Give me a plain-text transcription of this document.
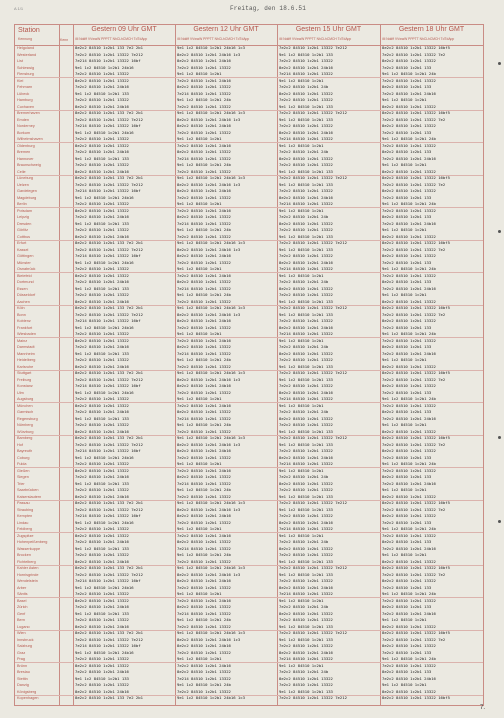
A 1/1	Freitag, den 18.6.51
Station
Kennung	Kenn
Gestern 09 Uhr GMT
iIIi Nddff VVwwW PPPTT NhCLhCMCH TdTdApp
Gestern 12 Uhr GMT
iIIi Nddff VVwwW PPPTT NhCLhCMCH TdTdApp
Gestern 15 Uhr GMT
iIIi Nddff VVwwW PPPTT NhCLhCMCH TdTdApp
Gestern 18 Uhr GMT
iIIi Nddff VVwwW PPPTT NhCLhCMCH TdTdApp
Helgoland	8e2c2 84510 1c2b1 133 7e2 2b1	9e1 1c2 84510 1c2b1 24b16 1c3	7e2c2 84510 1c2b1 13322 7e212	8e2c2 84510 1c2b1 13322 16bf5
Westerland	7e2c2 84510 1c2b1 13322 7e212	8e2c2 84510 1c2b1 24b16 1c3	9e1 1c2 84510 1c2b1 133	7e2c2 84510 1c2b1 13322 7e2
List	7e214 84510 1c2b1 13322 16bf	8e2c2 84510 1c2b1 24b16	7e2c2 84510 1c2b1 13322	8e2c2 84510 1c2b1 13322
Schleswig	9e1 1c2 84510 1c2b1 24b16	7e2c2 84510 1c2b1 13322	8e2c2 84510 1c2b1 24b16	7e2c2 84510 1c2b1 133
Flensburg	7e2c2 84510 1c2b1 13322	9e1 1c2 84510 1c2b1	7e214 84510 1c2b1 13322	9e1 1c2 84510 1c2b1 24b
Kiel	8e2c2 84510 1c2b1 13322	7e2c2 84510 1c2b1 24b16	9e1 1c2 84510 1c2b1	7e2c2 84510 1c2b1 13322
Fehmarn	7e2c2 84510 1c2b1 24b16	8e2c2 84510 1c2b1 13322	7e2c2 84510 1c2b1 24b	8e2c2 84510 1c2b1 133
Lübeck	9e1 1c2 84510 1c2b1 133	7e214 84510 1c2b1 13322	8e2c2 84510 1c2b1 13322	7e2c2 84510 1c2b1 24b16
Hamburg	7e2c2 84510 1c2b1 13322	9e1 1c2 84510 1c2b1 24b	7e2c2 84510 1c2b1 13322	9e1 1c2 84510 1c2b1
Cuxhaven	8e2c2 84510 1c2b1 24b16	7e2c2 84510 1c2b1 13322	9e1 1c2 84510 1c2b1 133	8e2c2 84510 1c2b1 13322
Bremerhaven	8e2c2 84510 1c2b1 133 7e2 2b1	9e1 1c2 84510 1c2b1 24b16 1c3	7e2c2 84510 1c2b1 13322 7e212	8e2c2 84510 1c2b1 13322 16bf5
Emden	7e2c2 84510 1c2b1 13322 7e212	8e2c2 84510 1c2b1 24b16 1c3	9e1 1c2 84510 1c2b1 133	7e2c2 84510 1c2b1 13322 7e2
Norderney	7e214 84510 1c2b1 13322 16bf	8e2c2 84510 1c2b1 24b16	7e2c2 84510 1c2b1 13322	8e2c2 84510 1c2b1 13322
Borkum	9e1 1c2 84510 1c2b1 24b16	7e2c2 84510 1c2b1 13322	8e2c2 84510 1c2b1 24b16	7e2c2 84510 1c2b1 133
Wilhelmshaven	7e2c2 84510 1c2b1 13322	9e1 1c2 84510 1c2b1	7e214 84510 1c2b1 13322	9e1 1c2 84510 1c2b1 24b
Oldenburg	8e2c2 84510 1c2b1 13322	7e2c2 84510 1c2b1 24b16	9e1 1c2 84510 1c2b1	7e2c2 84510 1c2b1 13322
Bremen	7e2c2 84510 1c2b1 24b16	8e2c2 84510 1c2b1 13322	7e2c2 84510 1c2b1 24b	8e2c2 84510 1c2b1 133
Hannover	9e1 1c2 84510 1c2b1 133	7e214 84510 1c2b1 13322	8e2c2 84510 1c2b1 13322	7e2c2 84510 1c2b1 24b16
Braunschweig	7e2c2 84510 1c2b1 13322	9e1 1c2 84510 1c2b1 24b	7e2c2 84510 1c2b1 13322	9e1 1c2 84510 1c2b1
Celle	8e2c2 84510 1c2b1 24b16	7e2c2 84510 1c2b1 13322	9e1 1c2 84510 1c2b1 133	8e2c2 84510 1c2b1 13322
Lüneburg	8e2c2 84510 1c2b1 133 7e2 2b1	9e1 1c2 84510 1c2b1 24b16 1c3	7e2c2 84510 1c2b1 13322 7e212	8e2c2 84510 1c2b1 13322 16bf5
Uelzen	7e2c2 84510 1c2b1 13322 7e212	8e2c2 84510 1c2b1 24b16 1c3	9e1 1c2 84510 1c2b1 133	7e2c2 84510 1c2b1 13322 7e2
Gardelegen	7e214 84510 1c2b1 13322 16bf	8e2c2 84510 1c2b1 24b16	7e2c2 84510 1c2b1 13322	8e2c2 84510 1c2b1 13322
Magdeburg	9e1 1c2 84510 1c2b1 24b16	7e2c2 84510 1c2b1 13322	8e2c2 84510 1c2b1 24b16	7e2c2 84510 1c2b1 133
Berlin	7e2c2 84510 1c2b1 13322	9e1 1c2 84510 1c2b1	7e214 84510 1c2b1 13322	9e1 1c2 84510 1c2b1 24b
Potsdam	8e2c2 84510 1c2b1 13322	7e2c2 84510 1c2b1 24b16	9e1 1c2 84510 1c2b1	7e2c2 84510 1c2b1 13322
Leipzig	7e2c2 84510 1c2b1 24b16	8e2c2 84510 1c2b1 13322	7e2c2 84510 1c2b1 24b	8e2c2 84510 1c2b1 133
Dresden	9e1 1c2 84510 1c2b1 133	7e214 84510 1c2b1 13322	8e2c2 84510 1c2b1 13322	7e2c2 84510 1c2b1 24b16
Görlitz	7e2c2 84510 1c2b1 13322	9e1 1c2 84510 1c2b1 24b	7e2c2 84510 1c2b1 13322	9e1 1c2 84510 1c2b1
Cottbus	8e2c2 84510 1c2b1 24b16	7e2c2 84510 1c2b1 13322	9e1 1c2 84510 1c2b1 133	8e2c2 84510 1c2b1 13322
Erfurt	8e2c2 84510 1c2b1 133 7e2 2b1	9e1 1c2 84510 1c2b1 24b16 1c3	7e2c2 84510 1c2b1 13322 7e212	8e2c2 84510 1c2b1 13322 16bf5
Kassel	7e2c2 84510 1c2b1 13322 7e212	8e2c2 84510 1c2b1 24b16 1c3	9e1 1c2 84510 1c2b1 133	7e2c2 84510 1c2b1 13322 7e2
Göttingen	7e214 84510 1c2b1 13322 16bf	8e2c2 84510 1c2b1 24b16	7e2c2 84510 1c2b1 13322	8e2c2 84510 1c2b1 13322
Münster	9e1 1c2 84510 1c2b1 24b16	7e2c2 84510 1c2b1 13322	8e2c2 84510 1c2b1 24b16	7e2c2 84510 1c2b1 133
Osnabrück	7e2c2 84510 1c2b1 13322	9e1 1c2 84510 1c2b1	7e214 84510 1c2b1 13322	9e1 1c2 84510 1c2b1 24b
Bielefeld	8e2c2 84510 1c2b1 13322	7e2c2 84510 1c2b1 24b16	9e1 1c2 84510 1c2b1	7e2c2 84510 1c2b1 13322
Dortmund	7e2c2 84510 1c2b1 24b16	8e2c2 84510 1c2b1 13322	7e2c2 84510 1c2b1 24b	8e2c2 84510 1c2b1 133
Essen	9e1 1c2 84510 1c2b1 133	7e214 84510 1c2b1 13322	8e2c2 84510 1c2b1 13322	7e2c2 84510 1c2b1 24b16
Düsseldorf	7e2c2 84510 1c2b1 13322	9e1 1c2 84510 1c2b1 24b	7e2c2 84510 1c2b1 13322	9e1 1c2 84510 1c2b1
Aachen	8e2c2 84510 1c2b1 24b16	7e2c2 84510 1c2b1 13322	9e1 1c2 84510 1c2b1 133	8e2c2 84510 1c2b1 13322
Köln	8e2c2 84510 1c2b1 133 7e2 2b1	9e1 1c2 84510 1c2b1 24b16 1c3	7e2c2 84510 1c2b1 13322 7e212	8e2c2 84510 1c2b1 13322 16bf5
Bonn	7e2c2 84510 1c2b1 13322 7e212	8e2c2 84510 1c2b1 24b16 1c3	9e1 1c2 84510 1c2b1 133	7e2c2 84510 1c2b1 13322 7e2
Koblenz	7e214 84510 1c2b1 13322 16bf	8e2c2 84510 1c2b1 24b16	7e2c2 84510 1c2b1 13322	8e2c2 84510 1c2b1 13322
Frankfurt	9e1 1c2 84510 1c2b1 24b16	7e2c2 84510 1c2b1 13322	8e2c2 84510 1c2b1 24b16	7e2c2 84510 1c2b1 133
Wiesbaden	7e2c2 84510 1c2b1 13322	9e1 1c2 84510 1c2b1	7e214 84510 1c2b1 13322	9e1 1c2 84510 1c2b1 24b
Mainz	8e2c2 84510 1c2b1 13322	7e2c2 84510 1c2b1 24b16	9e1 1c2 84510 1c2b1	7e2c2 84510 1c2b1 13322
Darmstadt	7e2c2 84510 1c2b1 24b16	8e2c2 84510 1c2b1 13322	7e2c2 84510 1c2b1 24b	8e2c2 84510 1c2b1 133
Mannheim	9e1 1c2 84510 1c2b1 133	7e214 84510 1c2b1 13322	8e2c2 84510 1c2b1 13322	7e2c2 84510 1c2b1 24b16
Heidelberg	7e2c2 84510 1c2b1 13322	9e1 1c2 84510 1c2b1 24b	7e2c2 84510 1c2b1 13322	9e1 1c2 84510 1c2b1
Karlsruhe	8e2c2 84510 1c2b1 24b16	7e2c2 84510 1c2b1 13322	9e1 1c2 84510 1c2b1 133	8e2c2 84510 1c2b1 13322
Stuttgart	8e2c2 84510 1c2b1 133 7e2 2b1	9e1 1c2 84510 1c2b1 24b16 1c3	7e2c2 84510 1c2b1 13322 7e212	8e2c2 84510 1c2b1 13322 16bf5
Freiburg	7e2c2 84510 1c2b1 13322 7e212	8e2c2 84510 1c2b1 24b16 1c3	9e1 1c2 84510 1c2b1 133	7e2c2 84510 1c2b1 13322 7e2
Konstanz	7e214 84510 1c2b1 13322 16bf	8e2c2 84510 1c2b1 24b16	7e2c2 84510 1c2b1 13322	8e2c2 84510 1c2b1 13322
Ulm	9e1 1c2 84510 1c2b1 24b16	7e2c2 84510 1c2b1 13322	8e2c2 84510 1c2b1 24b16	7e2c2 84510 1c2b1 133
Augsburg	7e2c2 84510 1c2b1 13322	9e1 1c2 84510 1c2b1	7e214 84510 1c2b1 13322	9e1 1c2 84510 1c2b1 24b
München	8e2c2 84510 1c2b1 13322	7e2c2 84510 1c2b1 24b16	9e1 1c2 84510 1c2b1	7e2c2 84510 1c2b1 13322
Garmisch	7e2c2 84510 1c2b1 24b16	8e2c2 84510 1c2b1 13322	7e2c2 84510 1c2b1 24b	8e2c2 84510 1c2b1 133
Regensburg	9e1 1c2 84510 1c2b1 133	7e214 84510 1c2b1 13322	8e2c2 84510 1c2b1 13322	7e2c2 84510 1c2b1 24b16
Nürnberg	7e2c2 84510 1c2b1 13322	9e1 1c2 84510 1c2b1 24b	7e2c2 84510 1c2b1 13322	9e1 1c2 84510 1c2b1
Würzburg	8e2c2 84510 1c2b1 24b16	7e2c2 84510 1c2b1 13322	9e1 1c2 84510 1c2b1 133	8e2c2 84510 1c2b1 13322
Bamberg	8e2c2 84510 1c2b1 133 7e2 2b1	9e1 1c2 84510 1c2b1 24b16 1c3	7e2c2 84510 1c2b1 13322 7e212	8e2c2 84510 1c2b1 13322 16bf5
Hof	7e2c2 84510 1c2b1 13322 7e212	8e2c2 84510 1c2b1 24b16 1c3	9e1 1c2 84510 1c2b1 133	7e2c2 84510 1c2b1 13322 7e2
Bayreuth	7e214 84510 1c2b1 13322 16bf	8e2c2 84510 1c2b1 24b16	7e2c2 84510 1c2b1 13322	8e2c2 84510 1c2b1 13322
Coburg	9e1 1c2 84510 1c2b1 24b16	7e2c2 84510 1c2b1 13322	8e2c2 84510 1c2b1 24b16	7e2c2 84510 1c2b1 133
Fulda	7e2c2 84510 1c2b1 13322	9e1 1c2 84510 1c2b1	7e214 84510 1c2b1 13322	9e1 1c2 84510 1c2b1 24b
Gießen	8e2c2 84510 1c2b1 13322	7e2c2 84510 1c2b1 24b16	9e1 1c2 84510 1c2b1	7e2c2 84510 1c2b1 13322
Siegen	7e2c2 84510 1c2b1 24b16	8e2c2 84510 1c2b1 13322	7e2c2 84510 1c2b1 24b	8e2c2 84510 1c2b1 133
Trier	9e1 1c2 84510 1c2b1 133	7e214 84510 1c2b1 13322	8e2c2 84510 1c2b1 13322	7e2c2 84510 1c2b1 24b16
Saarbrücken	7e2c2 84510 1c2b1 13322	9e1 1c2 84510 1c2b1 24b	7e2c2 84510 1c2b1 13322	9e1 1c2 84510 1c2b1
Kaiserslautern	8e2c2 84510 1c2b1 24b16	7e2c2 84510 1c2b1 13322	9e1 1c2 84510 1c2b1 133	8e2c2 84510 1c2b1 13322
Passau	8e2c2 84510 1c2b1 133 7e2 2b1	9e1 1c2 84510 1c2b1 24b16 1c3	7e2c2 84510 1c2b1 13322 7e212	8e2c2 84510 1c2b1 13322 16bf5
Straubing	7e2c2 84510 1c2b1 13322 7e212	8e2c2 84510 1c2b1 24b16 1c3	9e1 1c2 84510 1c2b1 133	7e2c2 84510 1c2b1 13322 7e2
Kempten	7e214 84510 1c2b1 13322 16bf	8e2c2 84510 1c2b1 24b16	7e2c2 84510 1c2b1 13322	8e2c2 84510 1c2b1 13322
Lindau	9e1 1c2 84510 1c2b1 24b16	7e2c2 84510 1c2b1 13322	8e2c2 84510 1c2b1 24b16	7e2c2 84510 1c2b1 133
Feldberg	7e2c2 84510 1c2b1 13322	9e1 1c2 84510 1c2b1	7e214 84510 1c2b1 13322	9e1 1c2 84510 1c2b1 24b
Zugspitze	8e2c2 84510 1c2b1 13322	7e2c2 84510 1c2b1 24b16	9e1 1c2 84510 1c2b1	7e2c2 84510 1c2b1 13322
Hohenpeißenberg	7e2c2 84510 1c2b1 24b16	8e2c2 84510 1c2b1 13322	7e2c2 84510 1c2b1 24b	8e2c2 84510 1c2b1 133
Wasserkuppe	9e1 1c2 84510 1c2b1 133	7e214 84510 1c2b1 13322	8e2c2 84510 1c2b1 13322	7e2c2 84510 1c2b1 24b16
Brocken	7e2c2 84510 1c2b1 13322	9e1 1c2 84510 1c2b1 24b	7e2c2 84510 1c2b1 13322	9e1 1c2 84510 1c2b1
Fichtelberg	8e2c2 84510 1c2b1 24b16	7e2c2 84510 1c2b1 13322	9e1 1c2 84510 1c2b1 133	8e2c2 84510 1c2b1 13322
Kahler Asten	8e2c2 84510 1c2b1 133 7e2 2b1	9e1 1c2 84510 1c2b1 24b16 1c3	7e2c2 84510 1c2b1 13322 7e212	8e2c2 84510 1c2b1 13322 16bf5
Hornisgrinde	7e2c2 84510 1c2b1 13322 7e212	8e2c2 84510 1c2b1 24b16 1c3	9e1 1c2 84510 1c2b1 133	7e2c2 84510 1c2b1 13322 7e2
Wendelstein	7e214 84510 1c2b1 13322 16bf	8e2c2 84510 1c2b1 24b16	7e2c2 84510 1c2b1 13322	8e2c2 84510 1c2b1 13322
Arber	9e1 1c2 84510 1c2b1 24b16	7e2c2 84510 1c2b1 13322	8e2c2 84510 1c2b1 24b16	7e2c2 84510 1c2b1 133
Säntis	7e2c2 84510 1c2b1 13322	9e1 1c2 84510 1c2b1	7e214 84510 1c2b1 13322	9e1 1c2 84510 1c2b1 24b
Basel	8e2c2 84510 1c2b1 13322	7e2c2 84510 1c2b1 24b16	9e1 1c2 84510 1c2b1	7e2c2 84510 1c2b1 13322
Zürich	7e2c2 84510 1c2b1 24b16	8e2c2 84510 1c2b1 13322	7e2c2 84510 1c2b1 24b	8e2c2 84510 1c2b1 133
Genf	9e1 1c2 84510 1c2b1 133	7e214 84510 1c2b1 13322	8e2c2 84510 1c2b1 13322	7e2c2 84510 1c2b1 24b16
Bern	7e2c2 84510 1c2b1 13322	9e1 1c2 84510 1c2b1 24b	7e2c2 84510 1c2b1 13322	9e1 1c2 84510 1c2b1
Lugano	8e2c2 84510 1c2b1 24b16	7e2c2 84510 1c2b1 13322	9e1 1c2 84510 1c2b1 133	8e2c2 84510 1c2b1 13322
Wien	8e2c2 84510 1c2b1 133 7e2 2b1	9e1 1c2 84510 1c2b1 24b16 1c3	7e2c2 84510 1c2b1 13322 7e212	8e2c2 84510 1c2b1 13322 16bf5
Innsbruck	7e2c2 84510 1c2b1 13322 7e212	8e2c2 84510 1c2b1 24b16 1c3	9e1 1c2 84510 1c2b1 133	7e2c2 84510 1c2b1 13322 7e2
Salzburg	7e214 84510 1c2b1 13322 16bf	8e2c2 84510 1c2b1 24b16	7e2c2 84510 1c2b1 13322	8e2c2 84510 1c2b1 13322
Graz	9e1 1c2 84510 1c2b1 24b16	7e2c2 84510 1c2b1 13322	8e2c2 84510 1c2b1 24b16	7e2c2 84510 1c2b1 133
Prag	7e2c2 84510 1c2b1 13322	9e1 1c2 84510 1c2b1	7e214 84510 1c2b1 13322	9e1 1c2 84510 1c2b1 24b
Brünn	8e2c2 84510 1c2b1 13322	7e2c2 84510 1c2b1 24b16	9e1 1c2 84510 1c2b1	7e2c2 84510 1c2b1 13322
Breslau	7e2c2 84510 1c2b1 24b16	8e2c2 84510 1c2b1 13322	7e2c2 84510 1c2b1 24b	8e2c2 84510 1c2b1 133
Stettin	9e1 1c2 84510 1c2b1 133	7e214 84510 1c2b1 13322	8e2c2 84510 1c2b1 13322	7e2c2 84510 1c2b1 24b16
Danzig	7e2c2 84510 1c2b1 13322	9e1 1c2 84510 1c2b1 24b	7e2c2 84510 1c2b1 13322	9e1 1c2 84510 1c2b1
Königsberg	8e2c2 84510 1c2b1 24b16	7e2c2 84510 1c2b1 13322	9e1 1c2 84510 1c2b1 133	8e2c2 84510 1c2b1 13322
Kopenhagen	8e2c2 84510 1c2b1 133 7e2 2b1	9e1 1c2 84510 1c2b1 24b16 1c3	7e2c2 84510 1c2b1 13322 7e212	8e2c2 84510 1c2b1 13322 16bf5
7.
